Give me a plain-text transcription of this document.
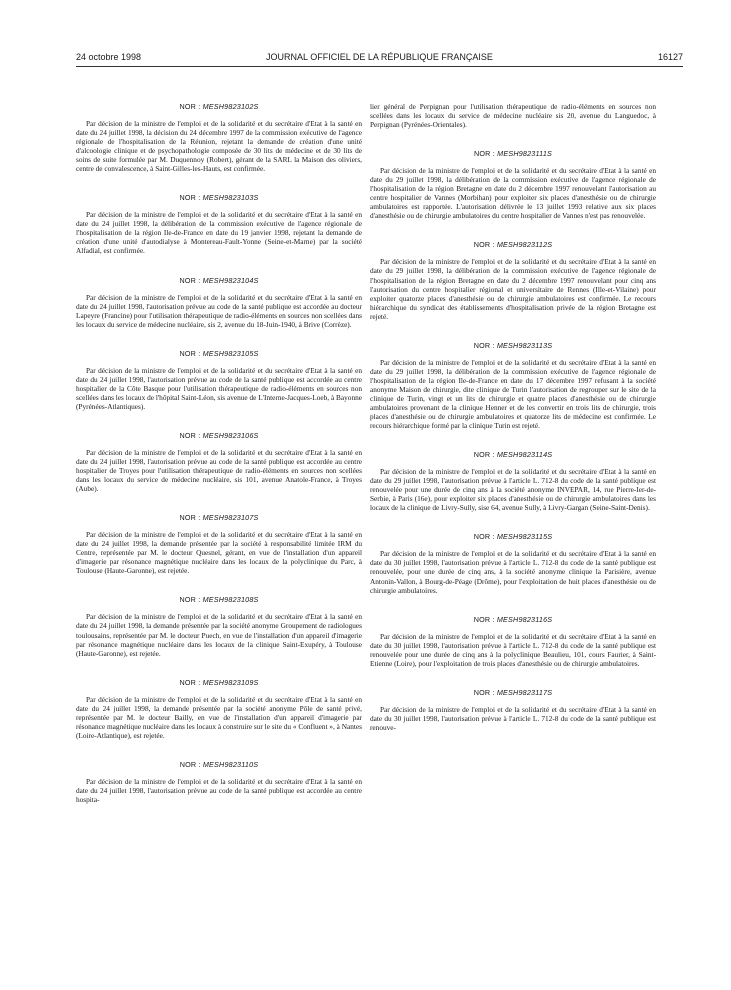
24 octobre 1998	JOURNAL OFFICIEL DE LA RÉPUBLIQUE FRANÇAISE	16127
NOR : MESH9823102S

Par décision de la ministre de l'emploi et de la solidarité et du secrétaire d'Etat à la santé en date du 24 juillet 1998, la décision du 24 décembre 1997 de la commission exécutive de l'agence régionale de l'hospitalisation de la Réunion, rejetant la demande de création d'une unité d'alcoologie clinique et de psychopathologie composée de 30 lits de médecine et de 30 lits de soins de suite formulée par M. Duquennoy (Robert), gérant de la SARL la Maison des oliviers, centre de convalescence, à Saint-Gilles-les-Hauts, est confirmée.

NOR : MESH9823103S

Par décision de la ministre de l'emploi et de la solidarité et du secrétaire d'Etat à la santé en date du 24 juillet 1998, la délibération de la commission exécutive de l'agence régionale de l'hospitalisation de la région Ile-de-France en date du 19 janvier 1998, rejetant la demande de création d'une unité d'autodialyse à Montereau-Fault-Yonne (Seine-et-Marne) par la société Alfadial, est confirmée.

NOR : MESH9823104S

Par décision de la ministre de l'emploi et de la solidarité et du secrétaire d'Etat à la santé en date du 24 juillet 1998, l'autorisation prévue au code de la santé publique est accordée au docteur Lapeyre (Francine) pour l'utilisation thérapeutique de radio-éléments en sources non scellées dans les locaux du service de médecine nucléaire, sis 2, avenue du 18-Juin-1940, à Brive (Corrèze).

NOR : MESH9823105S

Par décision de la ministre de l'emploi et de la solidarité et du secrétaire d'Etat à la santé en date du 24 juillet 1998, l'autorisation prévue au code de la santé publique est accordée au centre hospitalier de la Côte Basque pour l'utilisation thérapeutique de radio-éléments en sources non scellées dans les locaux de l'hôpital Saint-Léon, sis avenue de L'Interne-Jacques-Loeb, à Bayonne (Pyrénées-Atlantiques).

NOR : MESH9823106S

Par décision de la ministre de l'emploi et de la solidarité et du secrétaire d'Etat à la santé en date du 24 juillet 1998, l'autorisation prévue au code de la santé publique est accordée au centre hospitalier de Troyes pour l'utilisation thérapeutique de radio-éléments en sources non scellées dans les locaux du service de médecine nucléaire, sis 101, avenue Anatole-France, à Troyes (Aube).

NOR : MESH9823107S

Par décision de la ministre de l'emploi et de la solidarité et du secrétaire d'Etat à la santé en date du 24 juillet 1998, la demande présentée par la société à responsabilité limitée IRM du Centre, représentée par M. le docteur Quesnel, gérant, en vue de l'installation d'un appareil d'imagerie par résonance magnétique nucléaire dans les locaux de la polyclinique du Parc, à Toulouse (Haute-Garonne), est rejetée.

NOR : MESH9823108S

Par décision de la ministre de l'emploi et de la solidarité et du secrétaire d'Etat à la santé en date du 24 juillet 1998, la demande présentée par la société anonyme Groupement de radiologues toulousains, représentée par M. le docteur Puech, en vue de l'installation d'un appareil d'imagerie par résonance magnétique nucléaire dans les locaux de la clinique Saint-Exupéry, à Toulouse (Haute-Garonne), est rejetée.

NOR : MESH9823109S

Par décision de la ministre de l'emploi et de la solidarité et du secrétaire d'Etat à la santé en date du 24 juillet 1998, la demande présentée par la société anonyme Pôle de santé privé, représentée par M. le docteur Bailly, en vue de l'installation d'un appareil d'imagerie par résonance magnétique nucléaire dans les locaux à construire sur le site du « Confluent », à Nantes (Loire-Atlantique), est rejetée.

NOR : MESH9823110S

Par décision de la ministre de l'emploi et de la solidarité et du secrétaire d'Etat à la santé en date du 24 juillet 1998, l'autorisation prévue au code de la santé publique est accordée au centre hospita-

lier général de Perpignan pour l'utilisation thérapeutique de radio-éléments en sources non scellées dans les locaux du service de médecine nucléaire sis 20, avenue du Languedoc, à Perpignan (Pyrénées-Orientales).

NOR : MESH9823111S

Par décision de la ministre de l'emploi et de la solidarité et du secrétaire d'Etat à la santé en date du 29 juillet 1998, la délibération de la commission exécutive de l'agence régionale de l'hospitalisation de la région Bretagne en date du 2 décembre 1997 renouvelant l'autorisation au centre hospitalier de Vannes (Morbihan) pour exploiter six places d'anesthésie ou de chirurgie ambulatoires est rapportée. L'autorisation délivrée le 13 juillet 1993 relative aux six places d'anesthésie ou de chirurgie ambulatoires du centre hospitalier de Vannes n'est pas renouvelée.

NOR : MESH9823112S

Par décision de la ministre de l'emploi et de la solidarité et du secrétaire d'Etat à la santé en date du 29 juillet 1998, la délibération de la commission exécutive de l'agence régionale de l'hospitalisation de la région Bretagne en date du 2 décembre 1997 renouvelant pour cinq ans l'autorisation du centre hospitalier régional et universitaire de Rennes (Ille-et-Vilaine) pour exploiter quatorze places d'anesthésie ou de chirurgie ambulatoires est confirmée. Le recours hiérarchique du syndicat des établissements d'hospitalisation privée de la région Bretagne est rejeté.

NOR : MESH9823113S

Par décision de la ministre de l'emploi et de la solidarité et du secrétaire d'Etat à la santé en date du 29 juillet 1998, la délibération de la commission exécutive de l'agence régionale de l'hospitalisation de la région Ile-de-France en date du 17 décembre 1997 refusant à la société anonyme Maison de chirurgie, dite clinique de Turin l'autorisation de regrouper sur le site de la clinique de Turin, vingt et un lits de chirurgie et quatre places d'anesthésie ou de chirurgie ambulatoires provenant de la clinique Henner et de les convertir en trois lits de chirurgie, trois places d'anesthésie ou de chirurgie ambulatoires et quatorze lits de médecine est confirmée. Le recours hiérarchique formé par la clinique Turin est rejeté.

NOR : MESH9823114S

Par décision de la ministre de l'emploi et de la solidarité et du secrétaire d'Etat à la santé en date du 29 juillet 1998, l'autorisation prévue à l'article L. 712-8 du code de la santé publique est renouvelée pour une durée de cinq ans à la société anonyme INVEPAR, 14, rue Pierre-Ier-de-Serbie, à Paris (16e), pour exploiter six places d'anesthésie ou de chirurgie ambulatoires dans les locaux de la clinique de Livry-Sully, sise 64, avenue Sully, à Livry-Gargan (Seine-Saint-Denis).

NOR : MESH9823115S

Par décision de la ministre de l'emploi et de la solidarité et du secrétaire d'Etat à la santé en date du 30 juillet 1998, l'autorisation prévue à l'article L. 712-8 du code de la santé publique est renouvelée, pour une durée de cinq ans, à la société anonyme clinique la Parisière, avenue Antonin-Vallon, à Bourg-de-Péage (Drôme), pour l'exploitation de huit places d'anesthésie ou de chirurgie ambulatoires.

NOR : MESH9823116S

Par décision de la ministre de l'emploi et de la solidarité et du secrétaire d'Etat à la santé en date du 30 juillet 1998, l'autorisation prévue à l'article L. 712-8 du code de la santé publique est renouvelée pour une durée de cinq ans à la polyclinique Beaulieu, 101, cours Faurier, à Saint-Etienne (Loire), pour l'exploitation de trois places d'anesthésie ou de chirurgie ambulatoires.

NOR : MESH9823117S

Par décision de la ministre de l'emploi et de la solidarité et du secrétaire d'Etat à la santé en date du 30 juillet 1998, l'autorisation prévue à l'article L. 712-8 du code de la santé publique est renouve-
